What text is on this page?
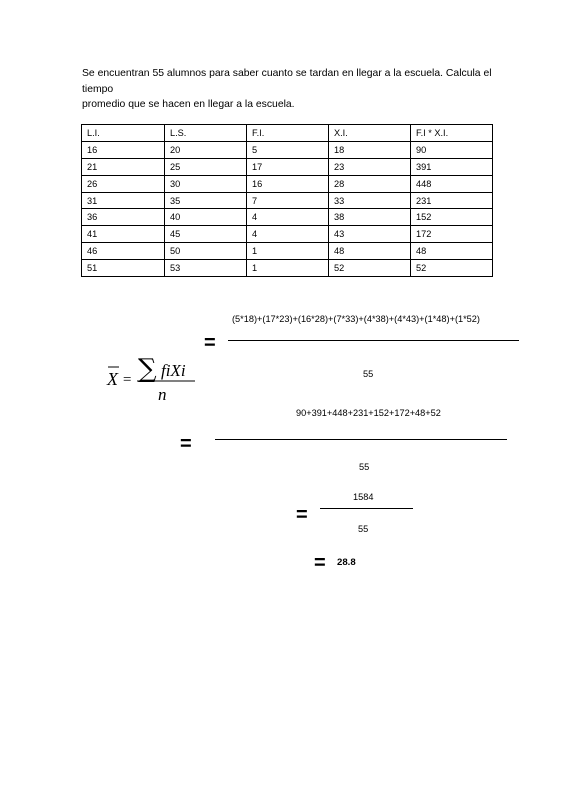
Se encuentran 55 alumnos para saber cuanto se tardan en llegar a la escuela. Calcula el tiempo
promedio que se hacen en llegar a la escuela.
L.I.	L.S.	F.I.	X.I.	F.I * X.I.
16	20	5	18	90
21	25	17	23	391
26	30	16	28	448
31	35	7	33	231
36	40	4	38	152
41	45	4	43	172
46	50	1	48	48
51	53	1	52	52
X = ∑ fiXi
n
(5*18)+(17*23)+(16*28)+(7*33)+(4*38)+(4*43)+(1*48)+(1*52)
=
55
90+391+448+231+152+172+48+52
=
55
1584
=
55
= 28.8
